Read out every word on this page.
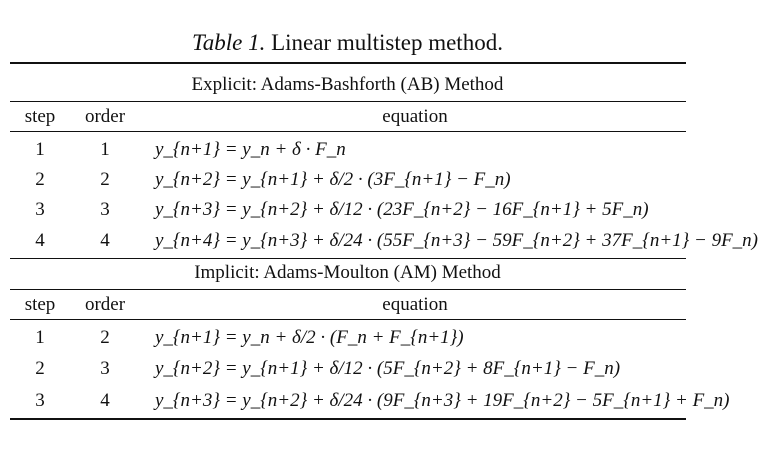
Table 1. Linear multistep method.
Explicit: Adams-Bashforth (AB) Method
step	order	equation
1	1	y_{n+1} = y_n + δ · F_n
2	2	y_{n+2} = y_{n+1} + δ/2 · (3F_{n+1} − F_n)
3	3	y_{n+3} = y_{n+2} + δ/12 · (23F_{n+2} − 16F_{n+1} + 5F_n)
4	4	y_{n+4} = y_{n+3} + δ/24 · (55F_{n+3} − 59F_{n+2} + 37F_{n+1} − 9F_n)
Implicit: Adams-Moulton (AM) Method
step	order	equation
1	2	y_{n+1} = y_n + δ/2 · (F_n + F_{n+1})
2	3	y_{n+2} = y_{n+1} + δ/12 · (5F_{n+2} + 8F_{n+1} − F_n)
3	4	y_{n+3} = y_{n+2} + δ/24 · (9F_{n+3} + 19F_{n+2} − 5F_{n+1} + F_n)
